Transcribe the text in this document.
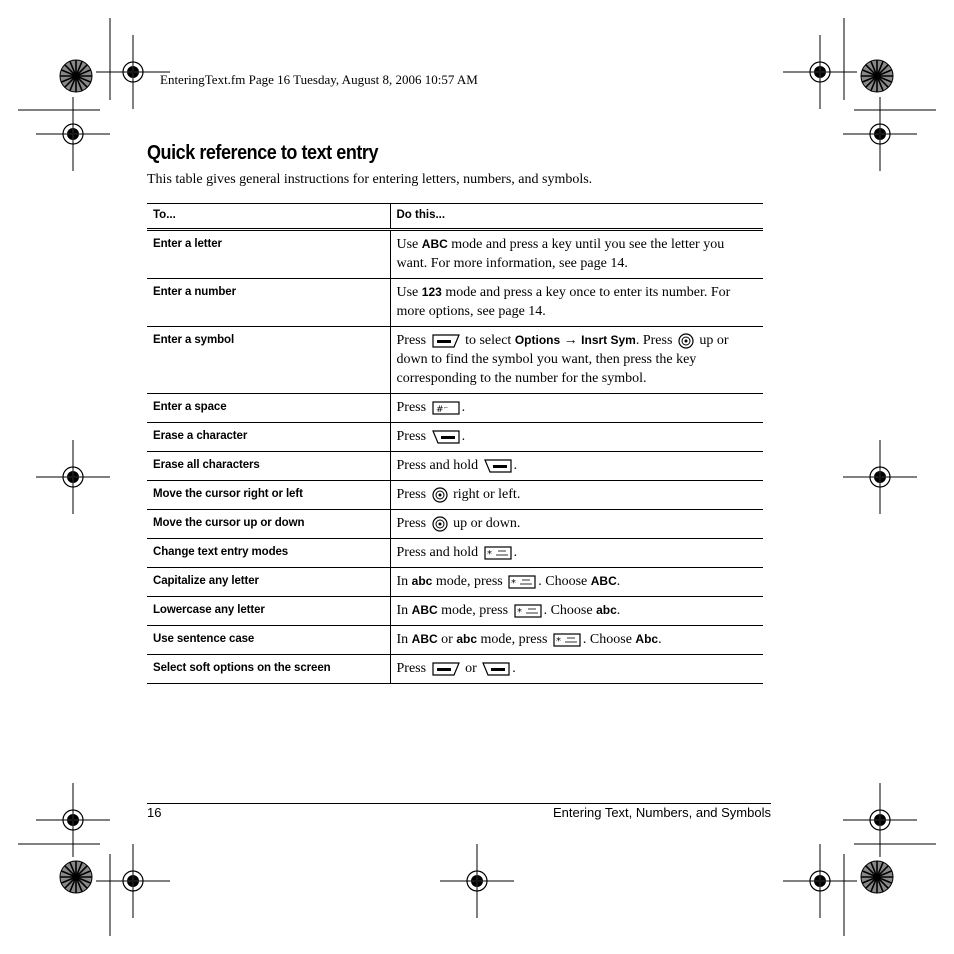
EnteringText.fm Page 16 Tuesday, August 8, 2006 10:57 AM
Quick reference to text entry
This table gives general instructions for entering letters, numbers, and symbols.
To...	Do this...
Enter a letter	Use ABC mode and press a key until you see the letter you want. For more information, see page 14.
Enter a number	Use 123 mode and press a key once to enter its number. For more options, see page 14.
Enter a symbol	Press to select Options → Insrt Sym. Press up or down to find the symbol you want, then press the key corresponding to the number for the symbol.
Enter a space	Press # ⌐ .
Erase a character	Press .
Erase all characters	Press and hold .
Move the cursor right or left	Press right or left.
Move the cursor up or down	Press up or down.
Change text entry modes	Press and hold * .
Capitalize any letter	In abc mode, press * . Choose ABC.
Lowercase any letter	In ABC mode, press * . Choose abc.
Use sentence case	In ABC or abc mode, press * . Choose Abc.
Select soft options on the screen	Press or .
16	Entering Text, Numbers, and Symbols
